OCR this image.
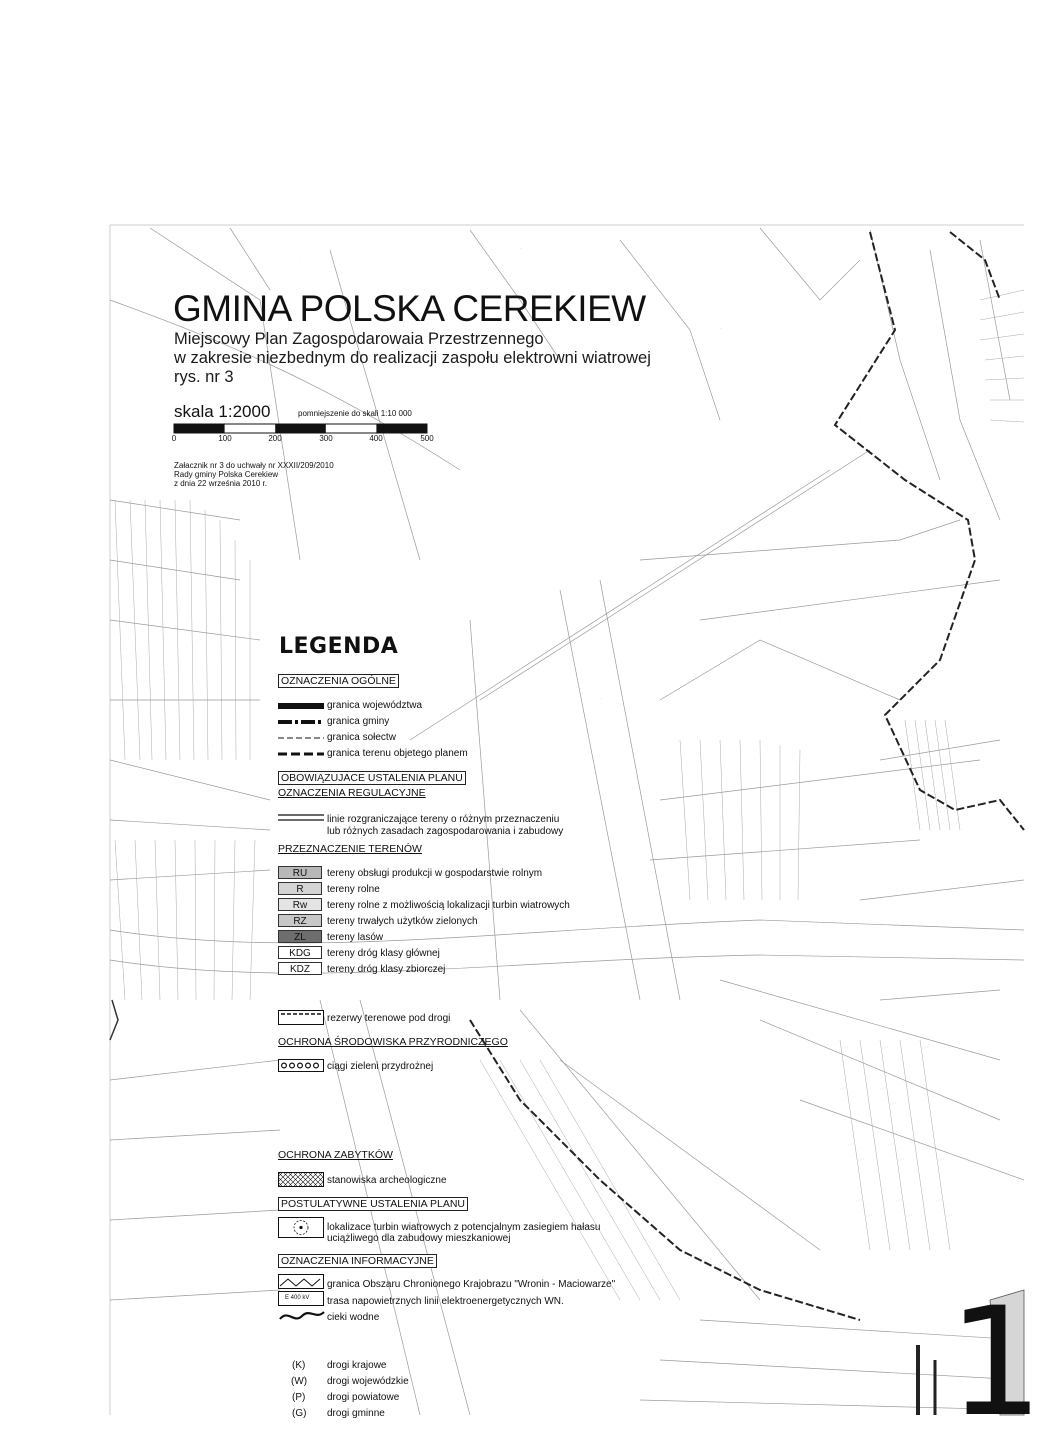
·
·
·
·
·
·
GMINA POLSKA CEREKIEW
Miejscowy Plan Zagospodarowaia Przestrzennego
w zakresie niezbednym do realizacji zaspołu elektrowni wiatrowej
rys. nr 3
skala 1:2000	pomniejszenie do skali 1:10 000
0	100	200	300	400	500
Załacznik nr 3 do uchwały nr XXXII/209/2010
Rady gminy Polska Cerekiew
z dnia 22 września 2010 r.
LEGENDA
OZNACZENIA OGÓLNE
granica województwa
granica gminy
granica sołectw
granica terenu objetego planem
OBOWIĄZUJACE USTALENIA PLANU
OZNACZENIA REGULACYJNE
linie rozgraniczające tereny o różnym przeznaczeniu
lub różnych zasadach zagospodarowania i zabudowy
PRZEZNACZENIE TERENÓW
RU	tereny obsługi produkcji w gospodarstwie rolnym
R	tereny rolne
Rw	tereny rolne z możliwością lokalizacji turbin wiatrowych
RZ	tereny trwałych użytków zielonych
ZL	tereny lasów
KDG	tereny dróg klasy głównej
KDZ	tereny dróg klasy zbiorczej
rezerwy terenowe pod drogi
OCHRONA ŚRODOWISKA PRZYRODNICZEGO
ciągi zieleni przydrożnej
OCHRONA ZABYTKÓW
stanowiska archeologiczne
POSTULATYWNE USTALENIA PLANU
lokalizace turbin wiatrowych z potencjalnym zasiegiem hałasu
uciążliwego dla zabudowy mieszkaniowej
OZNACZENIA INFORMACYJNE
E 400 kV
granica Obszaru Chronionego Krajobrazu "Wronin - Maciowarze"
trasa napowietrznych linii elektroenergetycznych WN.
cieki wodne
(K) drogi krajowe
(W) drogi wojewódzkie
(P) drogi powiatowe
(G) drogi gminne	1
